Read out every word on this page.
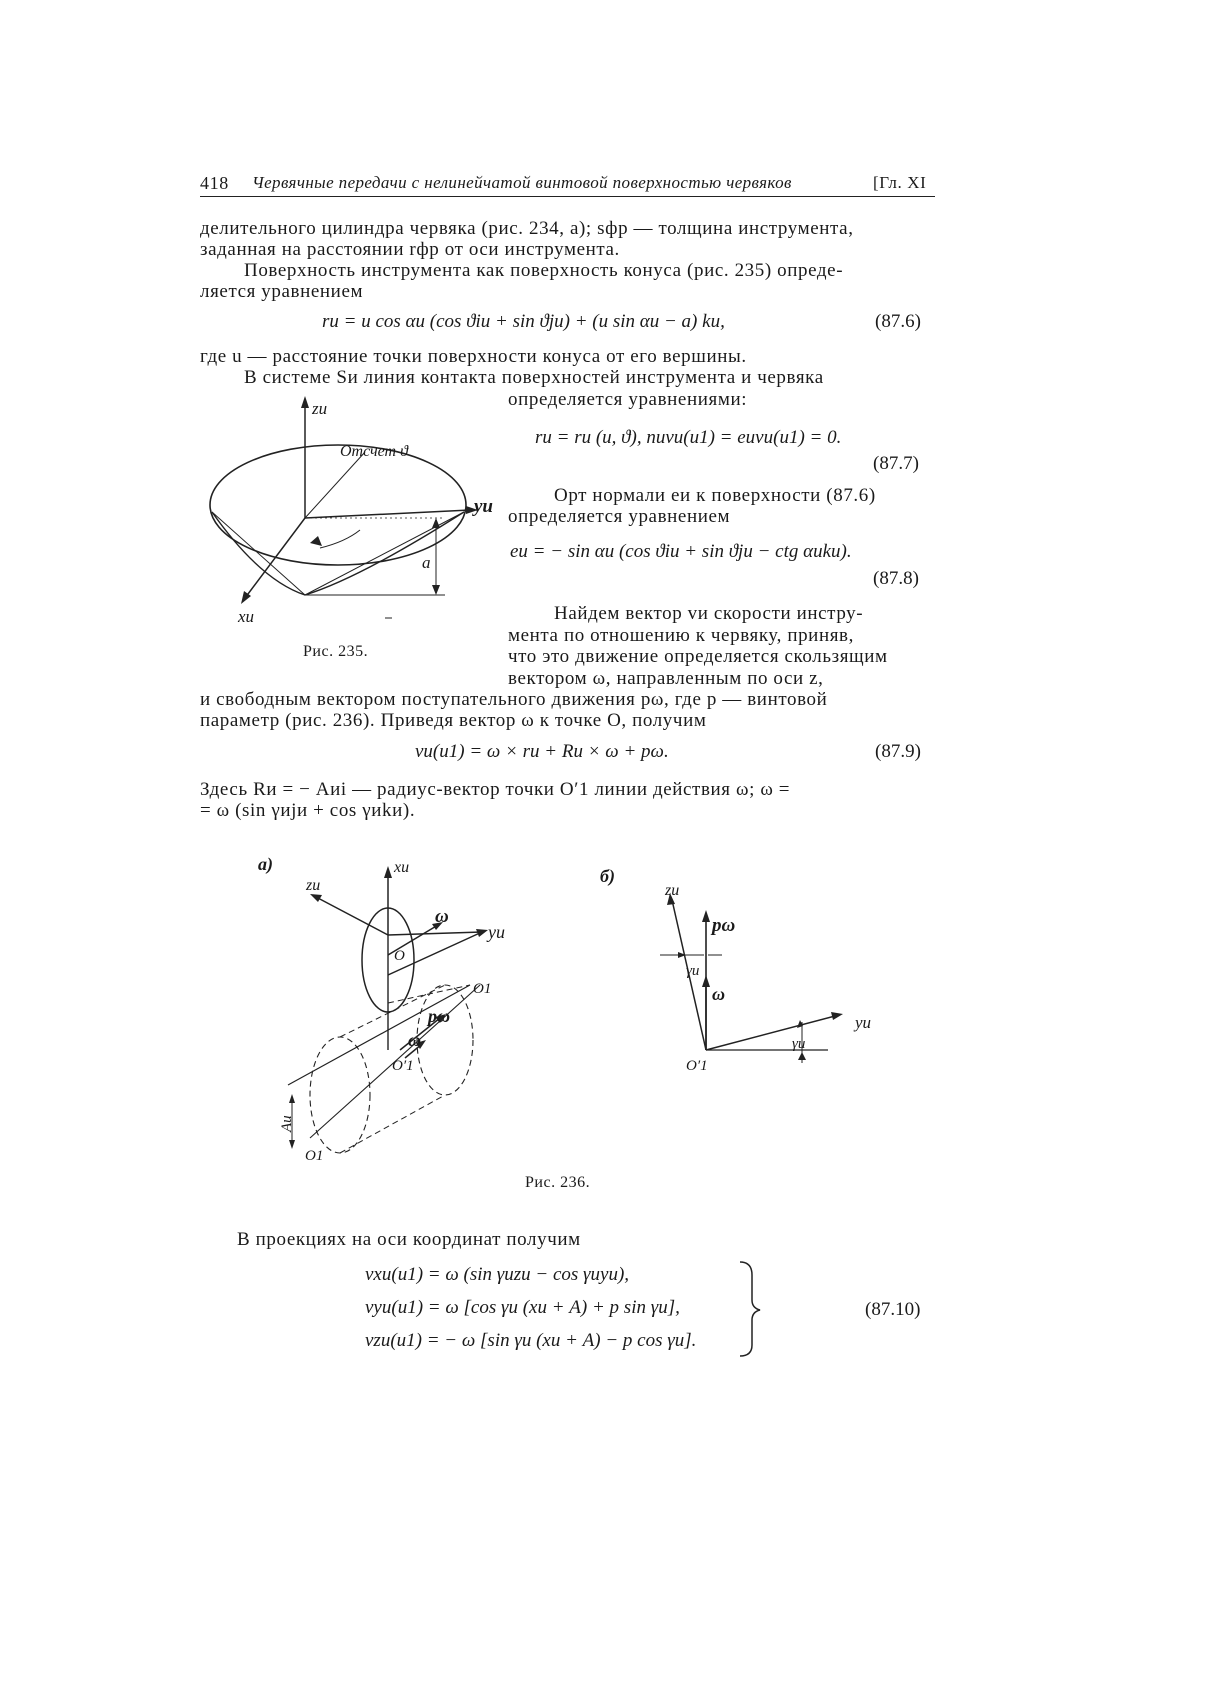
418 Червячные передачи с нелинейчатой винтовой поверхностью червяков	[Гл. XI
делительного цилиндра червяка (рис. 234, а); sфр — толщина инструмента,
заданная на расстоянии rфр от оси инструмента.
Поверхность инструмента как поверхность конуса (рис. 235) опреде-
ляется уравнением
rи = u cos αи (cos ϑiи + sin ϑjи) + (u sin αи − a) kи,	(87.6)
где u — расстояние точки поверхности конуса от его вершины.
В системе Sи линия контакта поверхностей инструмента и червяка
определяется уравнениями:
rи = rи (u, ϑ), nиvи(и1) = eиvи(и1) = 0.
(87.7)
Орт нормали eи к поверхности (87.6)
определяется уравнением
eи = − sin αи (cos ϑiи + sin ϑjи − ctg αиkи).
(87.8)
Найдем вектор vи скорости инстру-
мента по отношению к червяку, приняв,
что это движение определяется скользящим
вектором ω, направленным по оси z,
и свободным вектором поступательного движения pω, где p — винтовой
параметр (рис. 236). Приведя вектор ω к точке O, получим
vи(и1) = ω × rи + Rи × ω + pω.	(87.9)
Здесь Rи = − Aиi — радиус-вектор точки O′1 линии действия ω; ω =
= ω (sin γиjи + cos γиkи).
zи
Отсчет ϑ
yи
xи
a
Рис. 235.
а)	xи
zи
ω
yи
O
O1
pω
ω
O′1
Aи
O1
б)
zи
pω
γи
ω
yи
γи
O′1
Рис. 236.
В проекциях на оси координат получим
vxи(и1) = ω (sin γиzи − cos γиyи),
vyи(и1) = ω [cos γи (xи + A) + p sin γи],
vzи(и1) = − ω [sin γи (xи + A) − p cos γи].
(87.10)
